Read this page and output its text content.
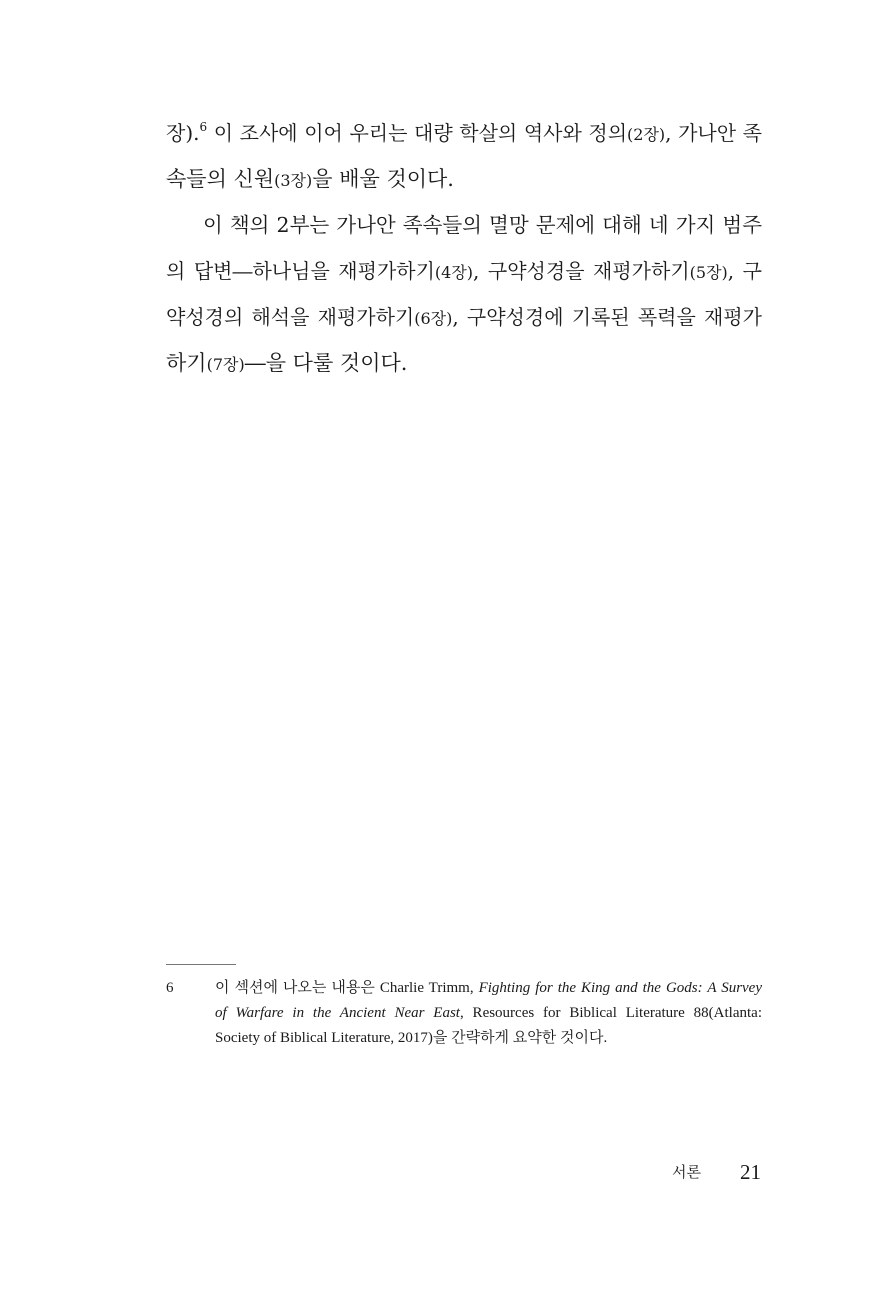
장).$^6$ 이 조사에 이어 우리는 대량 학살의 역사와 정의(2장), 가나안 족
속들의 신원(3장)을 배울 것이다.
이 책의 2부는 가나안 족속들의 멸망 문제에 대해 네 가지 범주
의 답변―하나님을 재평가하기(4장), 구약성경을 재평가하기(5장), 구
약성경의 해석을 재평가하기(6장), 구약성경에 기록된 폭력을 재평가
하기(7장)―을 다룰 것이다.
6	이 섹션에 나오는 내용은 Charlie Trimm, Fighting for the King and the Gods: A Survey
of Warfare in the Ancient Near East, Resources for Biblical Literature 88(Atlanta:
Society of Biblical Literature, 2017)을 간략하게 요약한 것이다.
서론 21
